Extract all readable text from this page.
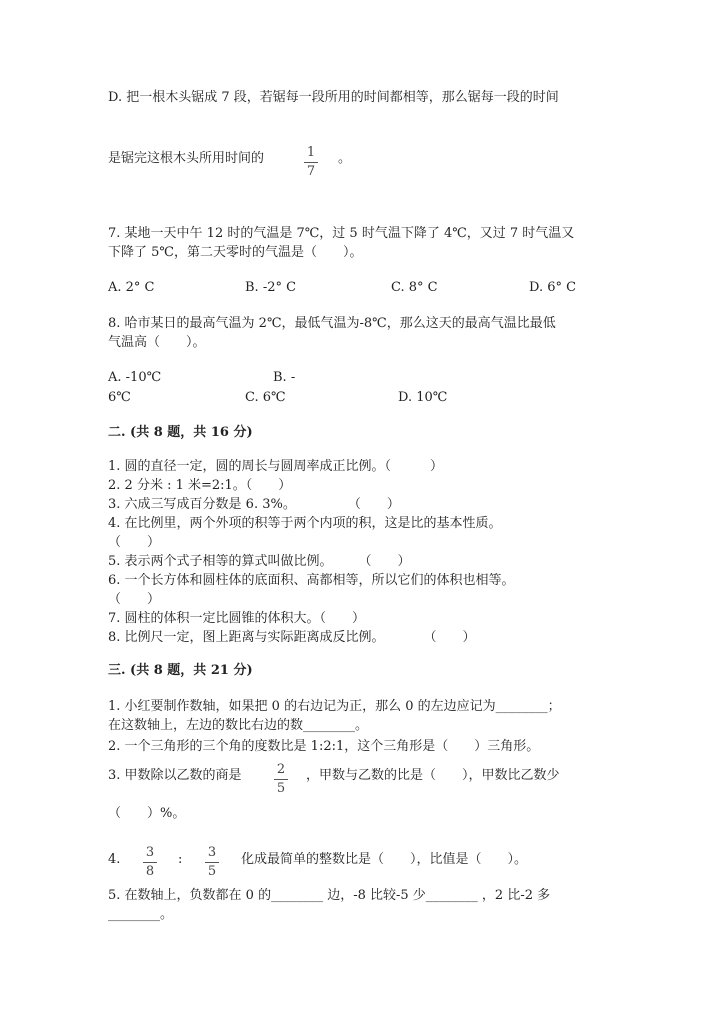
D. 把一根木头锯成 7 段，若锯每一段所用的时间都相等，那么锯每一段的时间
是锯完这根木头所用时间的	1
7
。
7. 某地一天中午 12 时的气温是 7℃，过 5 时气温下降了 4℃，又过 7 时气温又
下降了 5℃，第二天零时的气温是（　　）。
A. 2° C	B. -2° C	C. 8° C	D. 6° C
8. 哈市某日的最高气温为 2℃，最低气温为-8℃，那么这天的最高气温比最低
气温高（　　）。
A. -10℃	B. -
6℃	C. 6℃	D. 10℃
二. (共 8 题，共 16 分)
1. 圆的直径一定，圆的周长与圆周率成正比例。（　　　）
2. 2 分米 : 1 米=2:1。（　　）
3. 六成三写成百分数是 6. 3%。　　　　　（　　）
4. 在比例里，两个外项的积等于两个内项的积，这是比的基本性质。
（　　）
5. 表示两个式子相等的算式叫做比例。　　　（　　）
6. 一个长方体和圆柱体的底面积、高都相等，所以它们的体积也相等。
（　　）
7. 圆柱的体积一定比圆锥的体积大。（　　）
8. 比例尺一定，图上距离与实际距离成反比例。　　　　（　　）
三. (共 8 题，共 21 分)
1. 小红要制作数轴，如果把 0 的右边记为正，那么 0 的左边应记为________；
在这数轴上，左边的数比右边的数________。
2. 一个三角形的三个角的度数比是 1:2:1，这个三角形是（　　）三角形。
3. 甲数除以乙数的商是	2
5
，甲数与乙数的比是（　　），甲数比乙数少
（　　）%。
4. 3
8
: 3
5
化成最简单的整数比是（　　），比值是（　　）。
5. 在数轴上，负数都在 0 的________ 边，-8 比较-5 少________ ，2 比-2 多
________。
